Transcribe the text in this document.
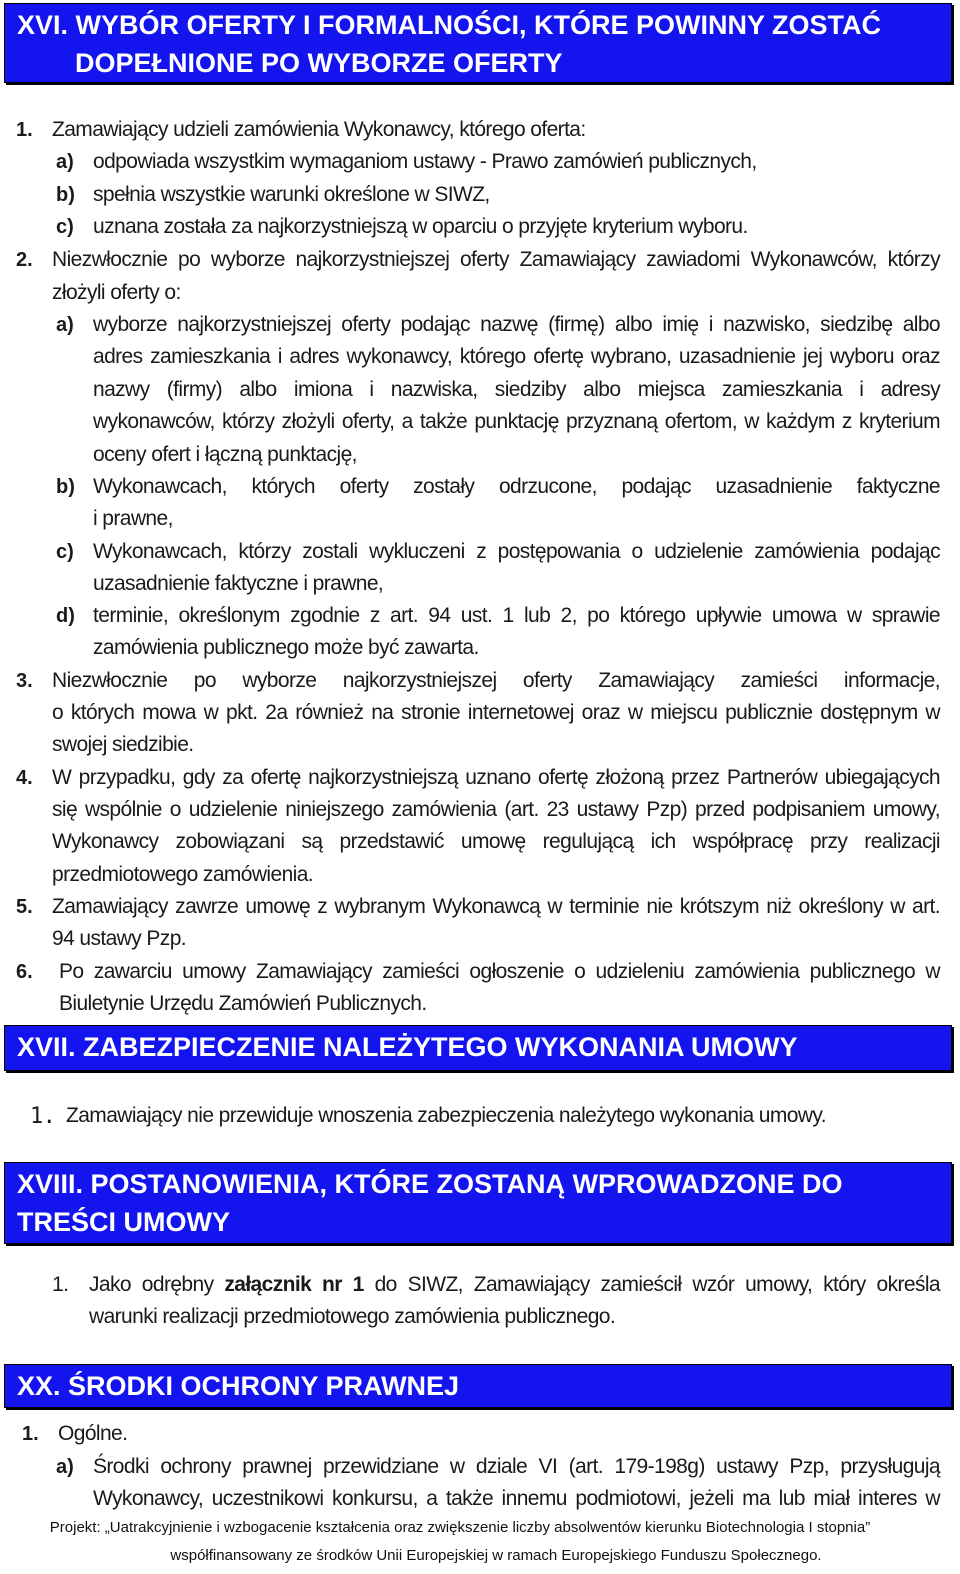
XVI. WYBÓR OFERTY I FORMALNOŚCI, KTÓRE POWINNY ZOSTAĆ
DOPEŁNIONE PO WYBORZE OFERTY
1. Zamawiający udzieli zamówienia Wykonawcy, którego oferta:
a) odpowiada wszystkim wymaganiom ustawy - Prawo zamówień publicznych,
b) spełnia wszystkie warunki określone w SIWZ,
c) uznana została za najkorzystniejszą w oparciu o przyjęte kryterium wyboru.
2. Niezwłocznie po wyborze najkorzystniejszej oferty Zamawiający zawiadomi Wykonawców, którzy
złożyli oferty o:
a) wyborze najkorzystniejszej oferty podając nazwę (firmę) albo imię i nazwisko, siedzibę albo
adres zamieszkania i adres wykonawcy, którego ofertę wybrano, uzasadnienie jej wyboru oraz
nazwy (firmy) albo imiona i nazwiska, siedziby albo miejsca zamieszkania i adresy
wykonawców, którzy złożyli oferty, a także punktację przyznaną ofertom, w każdym z kryterium
oceny ofert i łączną punktację,
b) Wykonawcach, których oferty zostały odrzucone, podając uzasadnienie faktyczne
i prawne,
c) Wykonawcach, którzy zostali wykluczeni z postępowania o udzielenie zamówienia podając
uzasadnienie faktyczne i prawne,
d) terminie, określonym zgodnie z art. 94 ust. 1 lub 2, po którego upływie umowa w sprawie
zamówienia publicznego może być zawarta.
3. Niezwłocznie po wyborze najkorzystniejszej oferty Zamawiający zamieści informacje,
o których mowa w pkt. 2a również na stronie internetowej oraz w miejscu publicznie dostępnym w
swojej siedzibie.
4. W przypadku, gdy za ofertę najkorzystniejszą uznano ofertę złożoną przez Partnerów ubiegających
się wspólnie o udzielenie niniejszego zamówienia (art. 23 ustawy Pzp) przed podpisaniem umowy,
Wykonawcy zobowiązani są przedstawić umowę regulującą ich współpracę przy realizacji
przedmiotowego zamówienia.
5. Zamawiający zawrze umowę z wybranym Wykonawcą w terminie nie krótszym niż określony w art.
94 ustawy Pzp.
6. Po zawarciu umowy Zamawiający zamieści ogłoszenie o udzieleniu zamówienia publicznego w
Biuletynie Urzędu Zamówień Publicznych.
XVII. ZABEZPIECZENIE NALEŻYTEGO WYKONANIA UMOWY
1. Zamawiający nie przewiduje wnoszenia zabezpieczenia należytego wykonania umowy.
XVIII. POSTANOWIENIA, KTÓRE ZOSTANĄ WPROWADZONE DO
TREŚCI UMOWY
1. Jako odrębny załącznik nr 1 do SIWZ, Zamawiający zamieścił wzór umowy, który określa
warunki realizacji przedmiotowego zamówienia publicznego.
XX. ŚRODKI OCHRONY PRAWNEJ
1. Ogólne.
a) Środki ochrony prawnej przewidziane w dziale VI (art. 179-198g) ustawy Pzp, przysługują
Wykonawcy, uczestnikowi konkursu, a także innemu podmiotowi, jeżeli ma lub miał interes w
Projekt: „Uatrakcyjnienie i wzbogacenie kształcenia oraz zwiększenie liczby absolwentów kierunku Biotechnologia I stopnia”
współfinansowany ze środków Unii Europejskiej w ramach Europejskiego Funduszu Społecznego.
